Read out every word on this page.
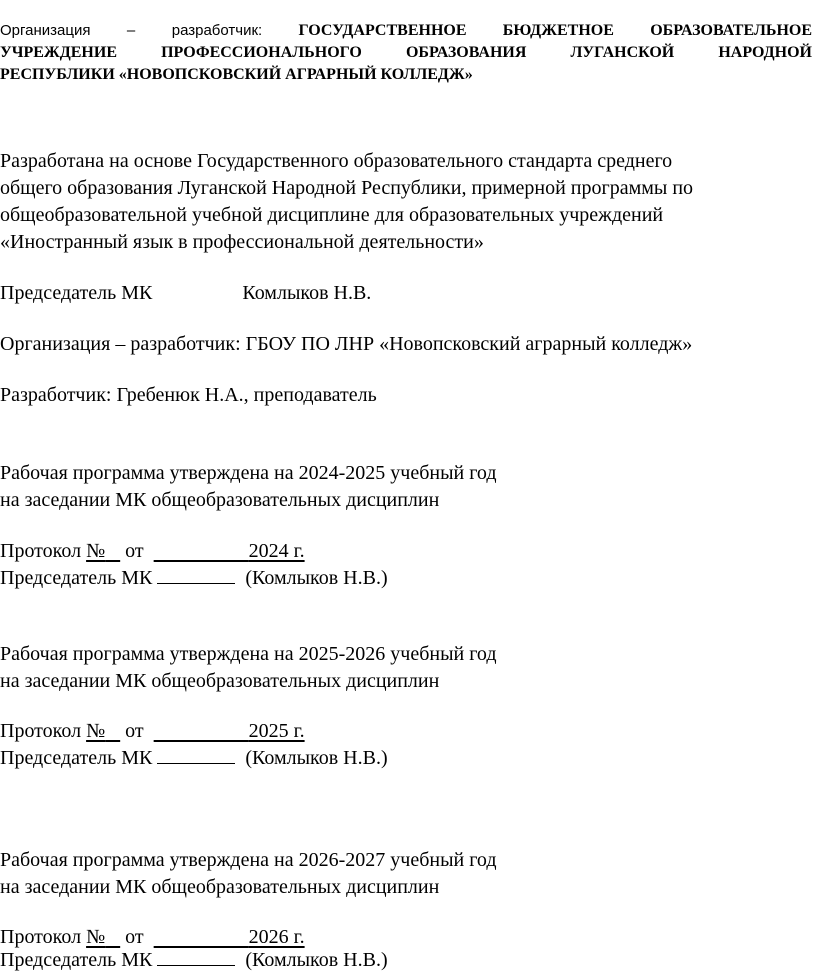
Организация – разработчик: ГОСУДАРСТВЕННОЕ БЮДЖЕТНОЕ ОБРАЗОВАТЕЛЬНОЕ
УЧРЕЖДЕНИЕ ПРОФЕССИОНАЛЬНОГО ОБРАЗОВАНИЯ ЛУГАНСКОЙ НАРОДНОЙ
РЕСПУБЛИКИ «НОВОПСКОВСКИЙ АГРАРНЫЙ КОЛЛЕДЖ»
Разработана на основе Государственного образовательного стандарта среднего
общего образования Луганской Народной Республики, примерной программы по
общеобразовательной учебной дисциплине для образовательных учреждений
«Иностранный язык в профессиональной деятельности»
Председатель МК	Комлыков Н.В.
Организация – разработчик: ГБОУ ПО ЛНР «Новопсковский аграрный колледж»
Разработчик: Гребенюк Н.А., преподаватель
Рабочая программа утверждена на 2024-2025 учебный год
на заседании МК общеобразовательных дисциплин
Протокол № от	2024 г.
Председатель МК	(Комлыков Н.В.)
Рабочая программа утверждена на 2025-2026 учебный год
на заседании МК общеобразовательных дисциплин
Протокол № от	2025 г.
Председатель МК	(Комлыков Н.В.)
Рабочая программа утверждена на 2026-2027 учебный год
на заседании МК общеобразовательных дисциплин
Протокол № от	2026 г.
Председатель МК	(Комлыков Н.В.)
